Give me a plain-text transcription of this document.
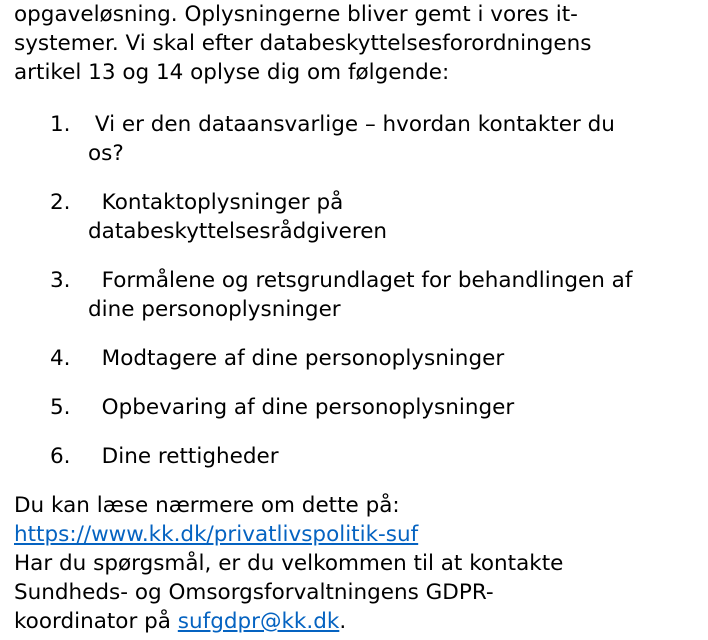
opgaveløsning. Oplysningerne bliver gemt i vores it-
systemer. Vi skal efter databeskyttelsesforordningens
artikel 13 og 14 oplyse dig om følgende:

1. Vi er den dataansvarlige – hvordan kontakter du
os?
2. Kontaktoplysninger på
databeskyttelsesrådgiveren
3. Formålene og retsgrundlaget for behandlingen af
dine personoplysninger
4. Modtagere af dine personoplysninger
5. Opbevaring af dine personoplysninger
6. Dine rettigheder

Du kan læse nærmere om dette på:
https://www.kk.dk/privatlivspolitik-suf
Har du spørgsmål, er du velkommen til at kontakte
Sundheds- og Omsorgsforvaltningens GDPR-
koordinator på sufgdpr@kk.dk.
